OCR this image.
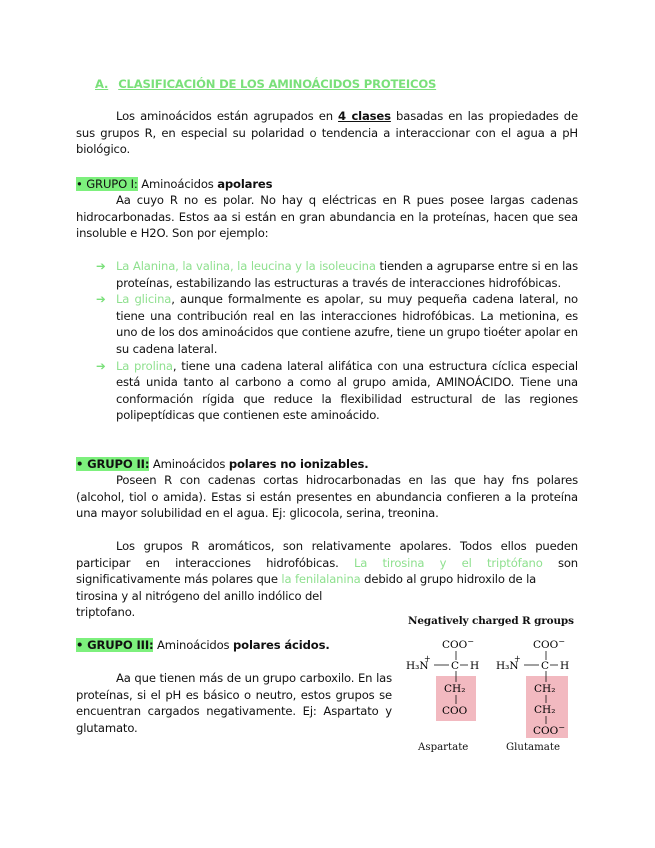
A. CLASIFICACIÓN DE LOS AMINOÁCIDOS PROTEICOS
Los aminoácidos están agrupados en 4 clases basadas en las propiedades de sus grupos R, en especial su polaridad o tendencia a interaccionar con el agua a pH biológico.
• GRUPO I: Aminoácidos apolares
Aa cuyo R no es polar. No hay q eléctricas en R pues posee largas cadenas hidrocarbonadas. Estos aa si están en gran abundancia en la proteínas, hacen que sea insoluble e H2O. Son por ejemplo:
➔ La Alanina, la valina, la leucina y la isoleucina tienden a agruparse entre si en las proteínas, estabilizando las estructuras a través de interacciones hidrofóbicas.
➔ La glicina, aunque formalmente es apolar, su muy pequeña cadena lateral, no tiene una contribución real en las interacciones hidrofóbicas. La metionina, es uno de los dos aminoácidos que contiene azufre, tiene un grupo tioéter apolar en su cadena lateral.
➔ La prolina, tiene una cadena lateral alifática con una estructura cíclica especial está unida tanto al carbono a como al grupo amida, AMINOÁCIDO. Tiene una conformación rígida que reduce la flexibilidad estructural de las regiones polipeptídicas que contienen este aminoácido.
• GRUPO II: Aminoácidos polares no ionizables.
Poseen R con cadenas cortas hidrocarbonadas en las que hay fns polares (alcohol, tiol o amida). Estas si están presentes en abundancia confieren a la proteína una mayor solubilidad en el agua. Ej: glicocola, serina, treonina.
Los grupos R aromáticos, son relativamente apolares. Todos ellos pueden participar en interacciones hidrofóbicas. La tirosina y el triptófano son significativamente más polares que la fenilalanina debido al grupo hidroxilo de la
tirosina y al nitrógeno del anillo indólico del
triptofano.
• GRUPO III: Aminoácidos polares ácidos.
Aa que tienen más de un grupo carboxilo. En las proteínas, si el pH es básico o neutro, estos grupos se encuentran cargados negativamente. Ej: Aspartato y glutamato.
Negatively charged R groups
COO−
H₃N
+
C H
CH₂
COO
COO−
H₃N
+
C H
CH₂
CH₂
COO−
Aspartate	Glutamate
